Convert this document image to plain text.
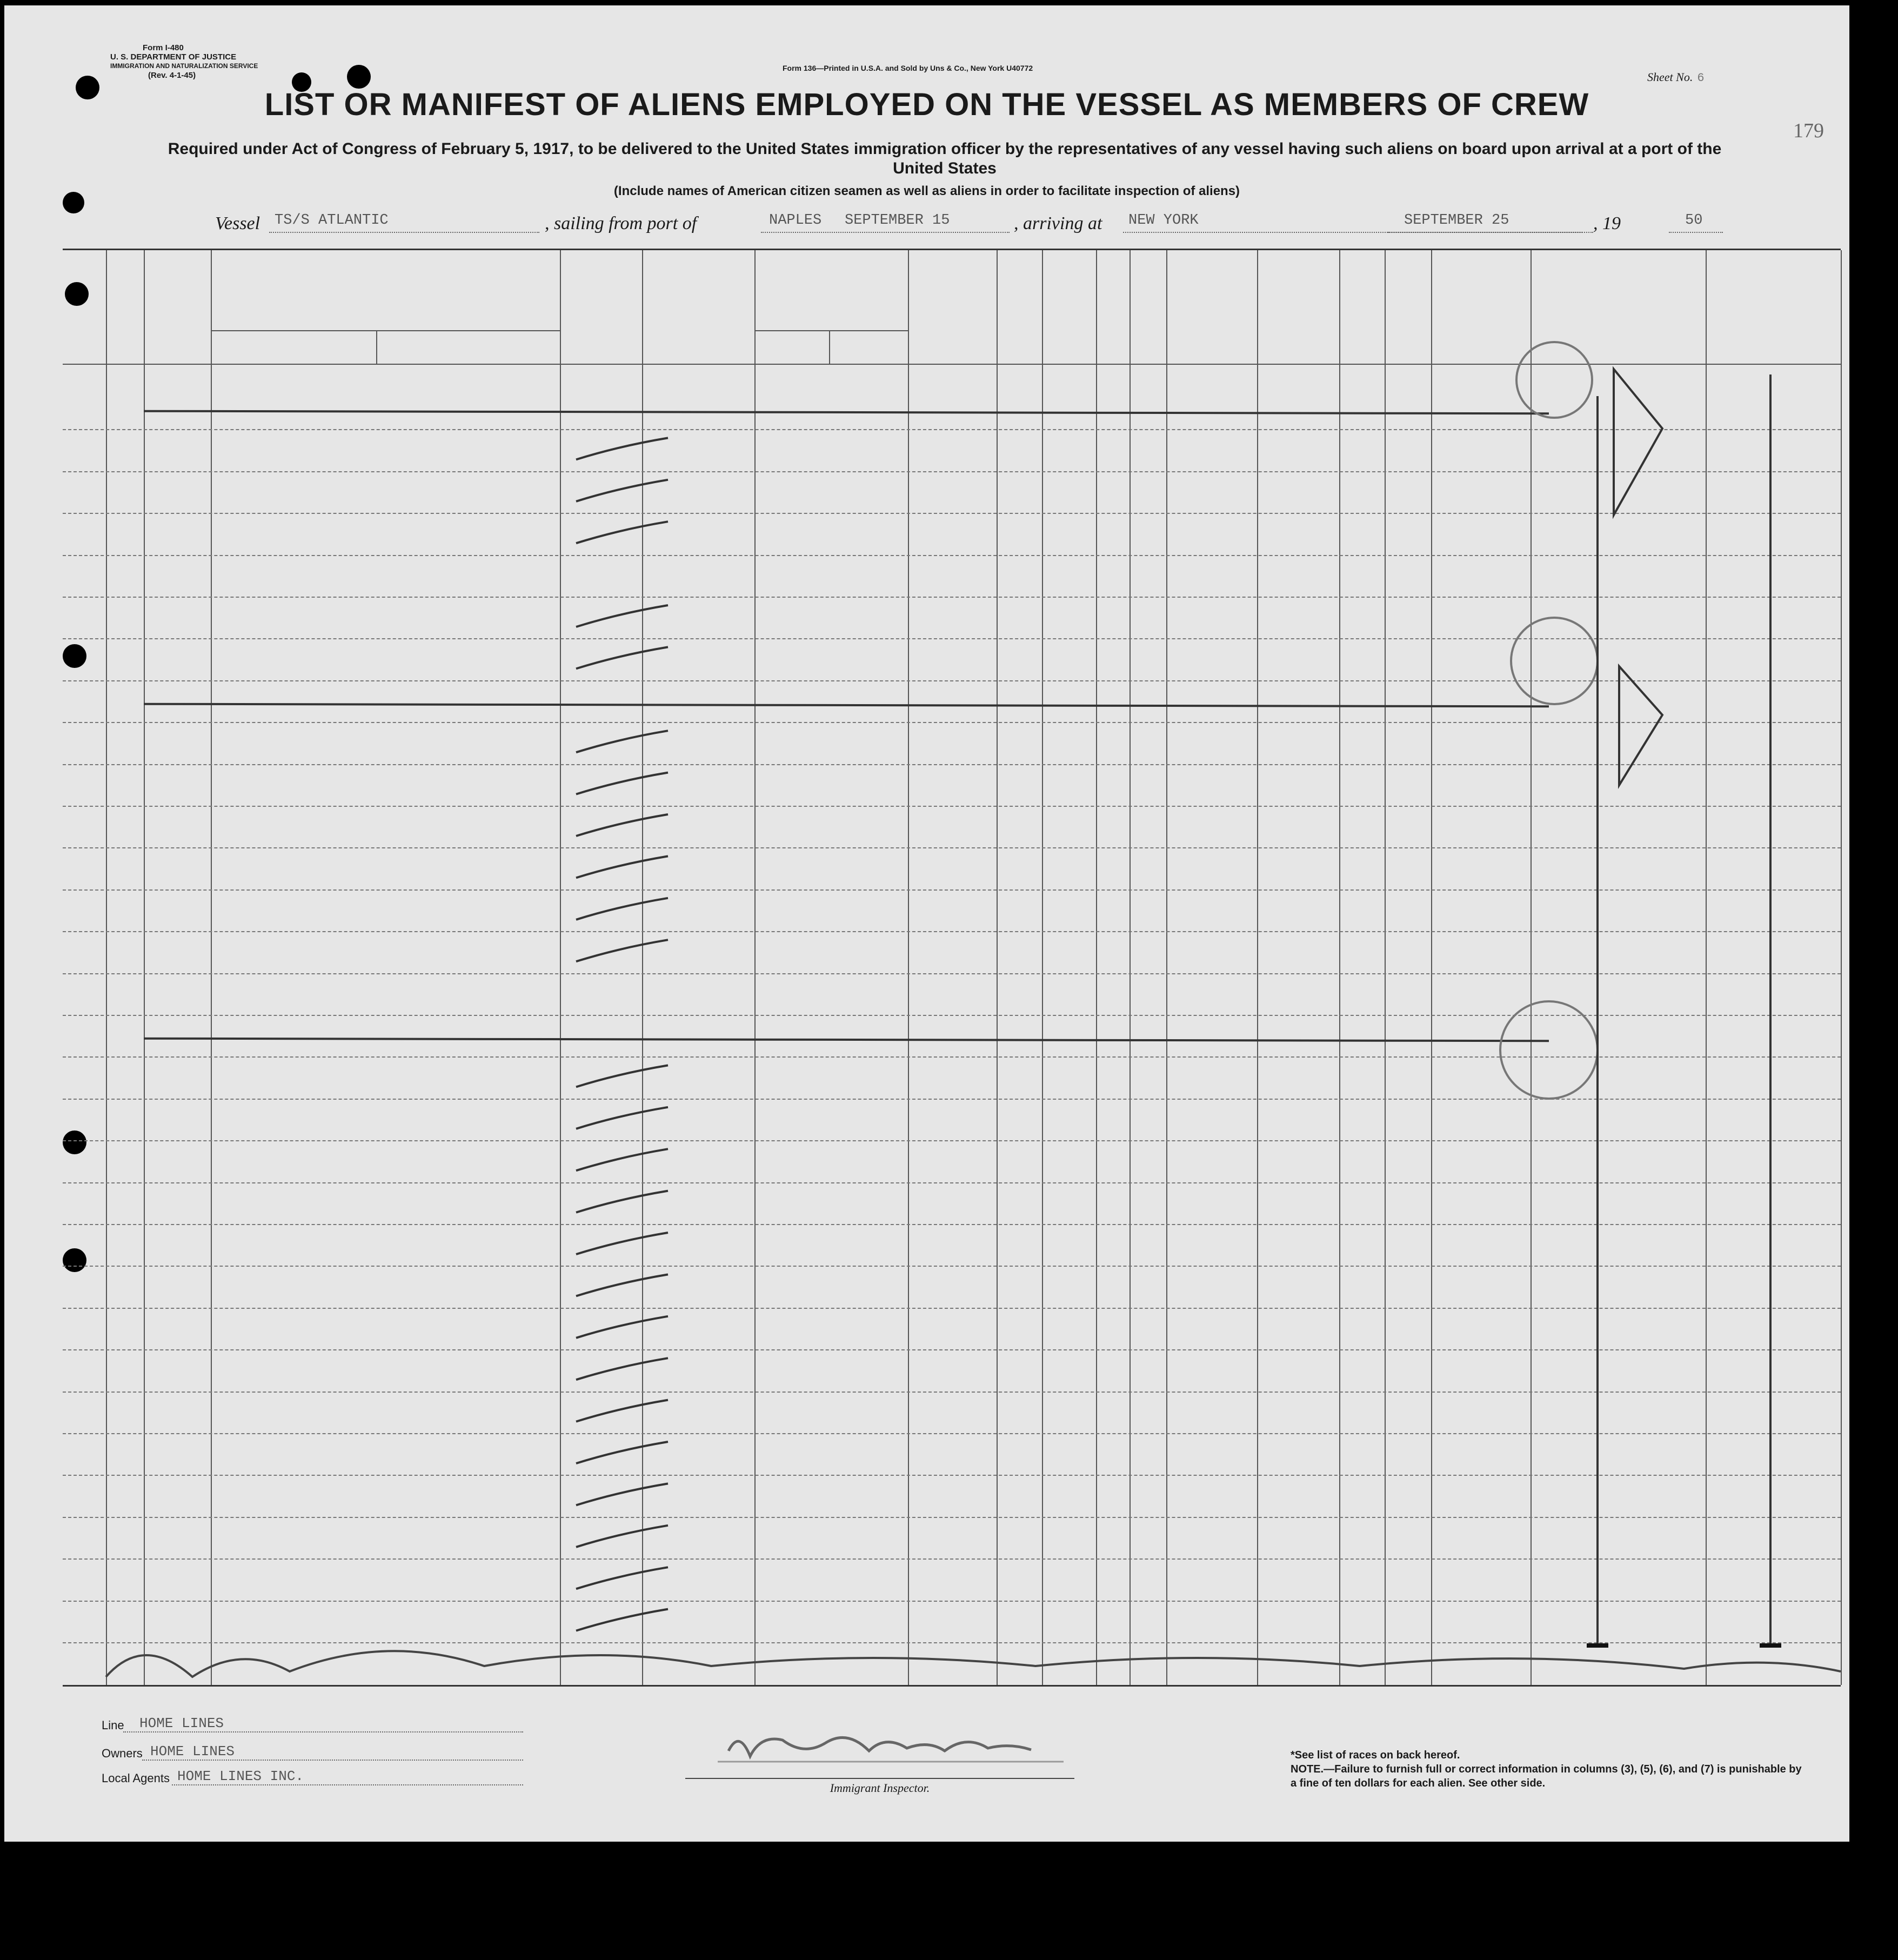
Form I-480
U. S. DEPARTMENT OF JUSTICE
IMMIGRATION AND NATURALIZATION SERVICE
(Rev. 4-1-45)
Form 136—Printed in U.S.A. and Sold by Uns & Co., New York U40772
Sheet No. 6
179
LIST OR MANIFEST OF ALIENS EMPLOYED ON THE VESSEL AS MEMBERS OF CREW
Required under Act of Congress of February 5, 1917, to be delivered to the United States immigration officer by the representatives of any vessel having such aliens on board upon arrival at a port of the United States
(Include names of American citizen seamen as well as aliens in order to facilitate inspection of aliens)
Vessel TS/S ATLANTIC	, sailing from port of	NAPLES SEPTEMBER 15	, arriving at NEW YORK	SEPTEMBER 25	, 19	50
Line HOME LINES
Owners HOME LINES
Local Agents HOME LINES INC.
Immigrant Inspector.
*See list of races on back hereof.
NOTE.—Failure to furnish full or correct information in columns (3), (5), (6), and (7) is punishable by a fine of ten dollars for each alien. See other side.
